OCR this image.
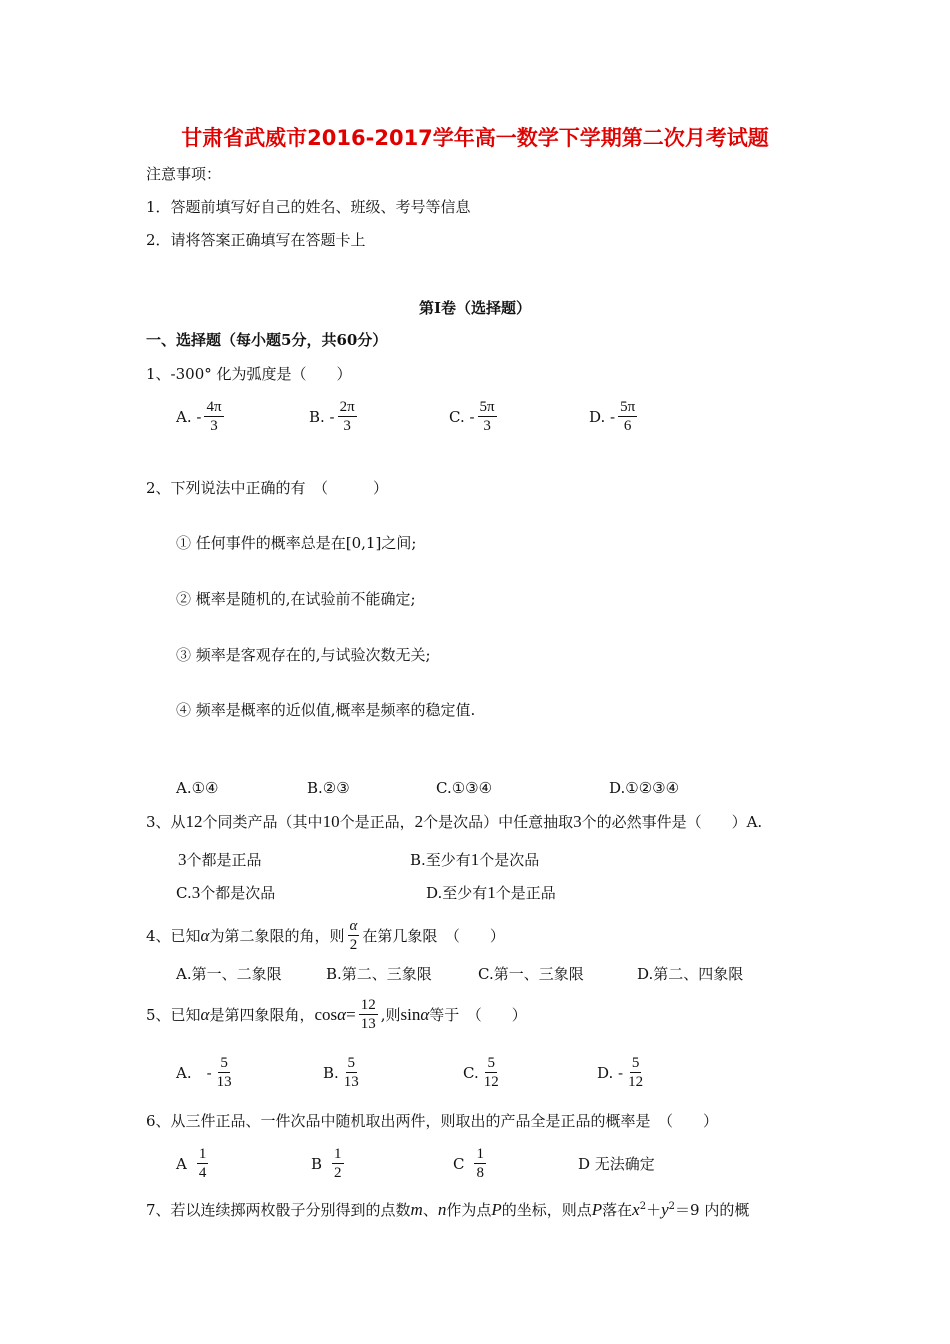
甘肃省武威市2016-2017学年高一数学下学期第二次月考试题
注意事项：
1．答题前填写好自己的姓名、班级、考号等信息
2．请将答案正确填写在答题卡上
第I卷（选择题）
一、选择题（每小题5分，共60分）
1、-300° 化为弧度是（　　）
A. - $\frac{4\pi}{3}$	B. - $\frac{2\pi}{3}$	C. - $\frac{5\pi}{3}$	D. - $\frac{5\pi}{6}$
2、下列说法中正确的有　（　　　）
① 任何事件的概率总是在[0,1]之间;
② 概率是随机的,在试验前不能确定;
③ 频率是客观存在的,与试验次数无关;
④ 频率是概率的近似值,概率是频率的稳定值.
A.①④	B.②③	C.①③④	D.①②③④
3、从12个同类产品（其中10个是正品，2个是次品）中任意抽取3个的必然事件是（　　）A.
3个都是正品	B.至少有1个是次品
C.3个都是次品	D.至少有1个是正品
4、已知 α 为第二象限的角，则 $\frac{\alpha}{2}$ 在第几象限　（　　）
A.第一、二象限	B.第二、三象限	C.第一、三象限	D.第二、四象限
5、已知 α 是第四象限角， $\cos \alpha = \frac{12}{13}$ ,则 sin α 等于　（　　）
A.　- $\frac{5}{13}$	B. $\frac{5}{13}$	C. $\frac{5}{12}$	D. - $\frac{5}{12}$
6、从三件正品、一件次品中随机取出两件，则取出的产品全是正品的概率是　（　　）
A $\frac{1}{4}$	B $\frac{1}{2}$	C $\frac{1}{8}$	D 无法确定
7、若以连续掷两枚骰子分别得到的点数m、n作为点P的坐标，则点P落在$x^2+y^2=9$ 内的概
